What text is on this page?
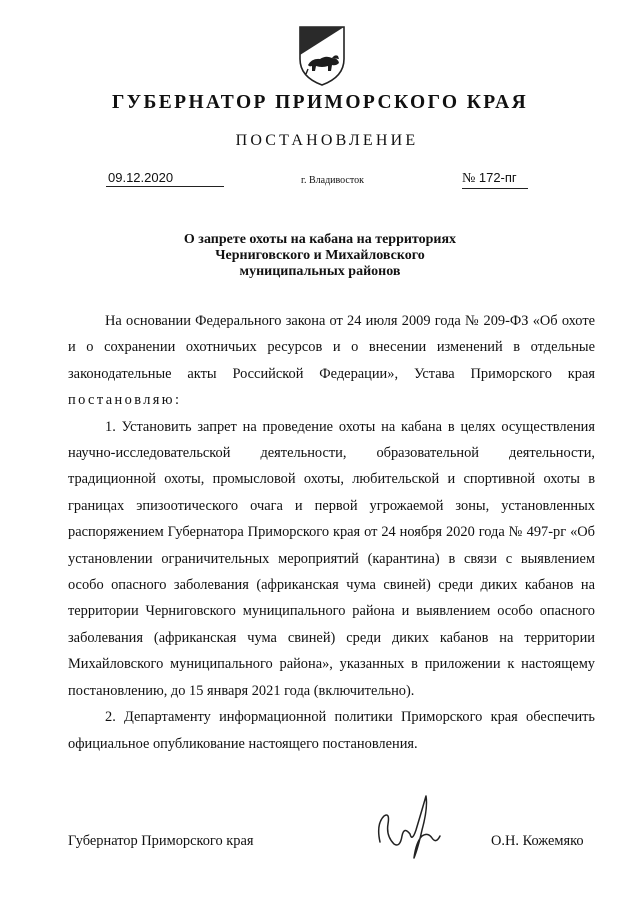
ГУБЕРНАТОР ПРИМОРСКОГО КРАЯ
ПОСТАНОВЛЕНИЕ
09.12.2020	г. Владивосток	№ 172-пг
О запрете охоты на кабана на территориях
Черниговского и Михайловского
муниципальных районов

На основании Федерального закона от 24 июля 2009 года № 209-ФЗ «Об охоте и о сохранении охотничьих ресурсов и о внесении изменений в отдельные законодательные акты Российской Федерации», Устава Приморского края постановляю:

1. Установить запрет на проведение охоты на кабана в целях осуществления научно-исследовательской деятельности, образовательной деятельности, традиционной охоты, промысловой охоты, любительской и спортивной охоты в границах эпизоотического очага и первой угрожаемой зоны, установленных распоряжением Губернатора Приморского края от 24 ноября 2020 года № 497-рг «Об установлении ограничительных мероприятий (карантина) в связи с выявлением особо опасного заболевания (африканская чума свиней) среди диких кабанов на территории Черниговского муниципального района и выявлением особо опасного заболевания (африканская чума свиней) среди диких кабанов на территории Михайловского муниципального района», указанных в приложении к настоящему постановлению, до 15 января 2021 года (включительно).

2. Департаменту информационной политики Приморского края обеспечить официальное опубликование настоящего постановления.

Губернатор Приморского края	О.Н. Кожемяко
